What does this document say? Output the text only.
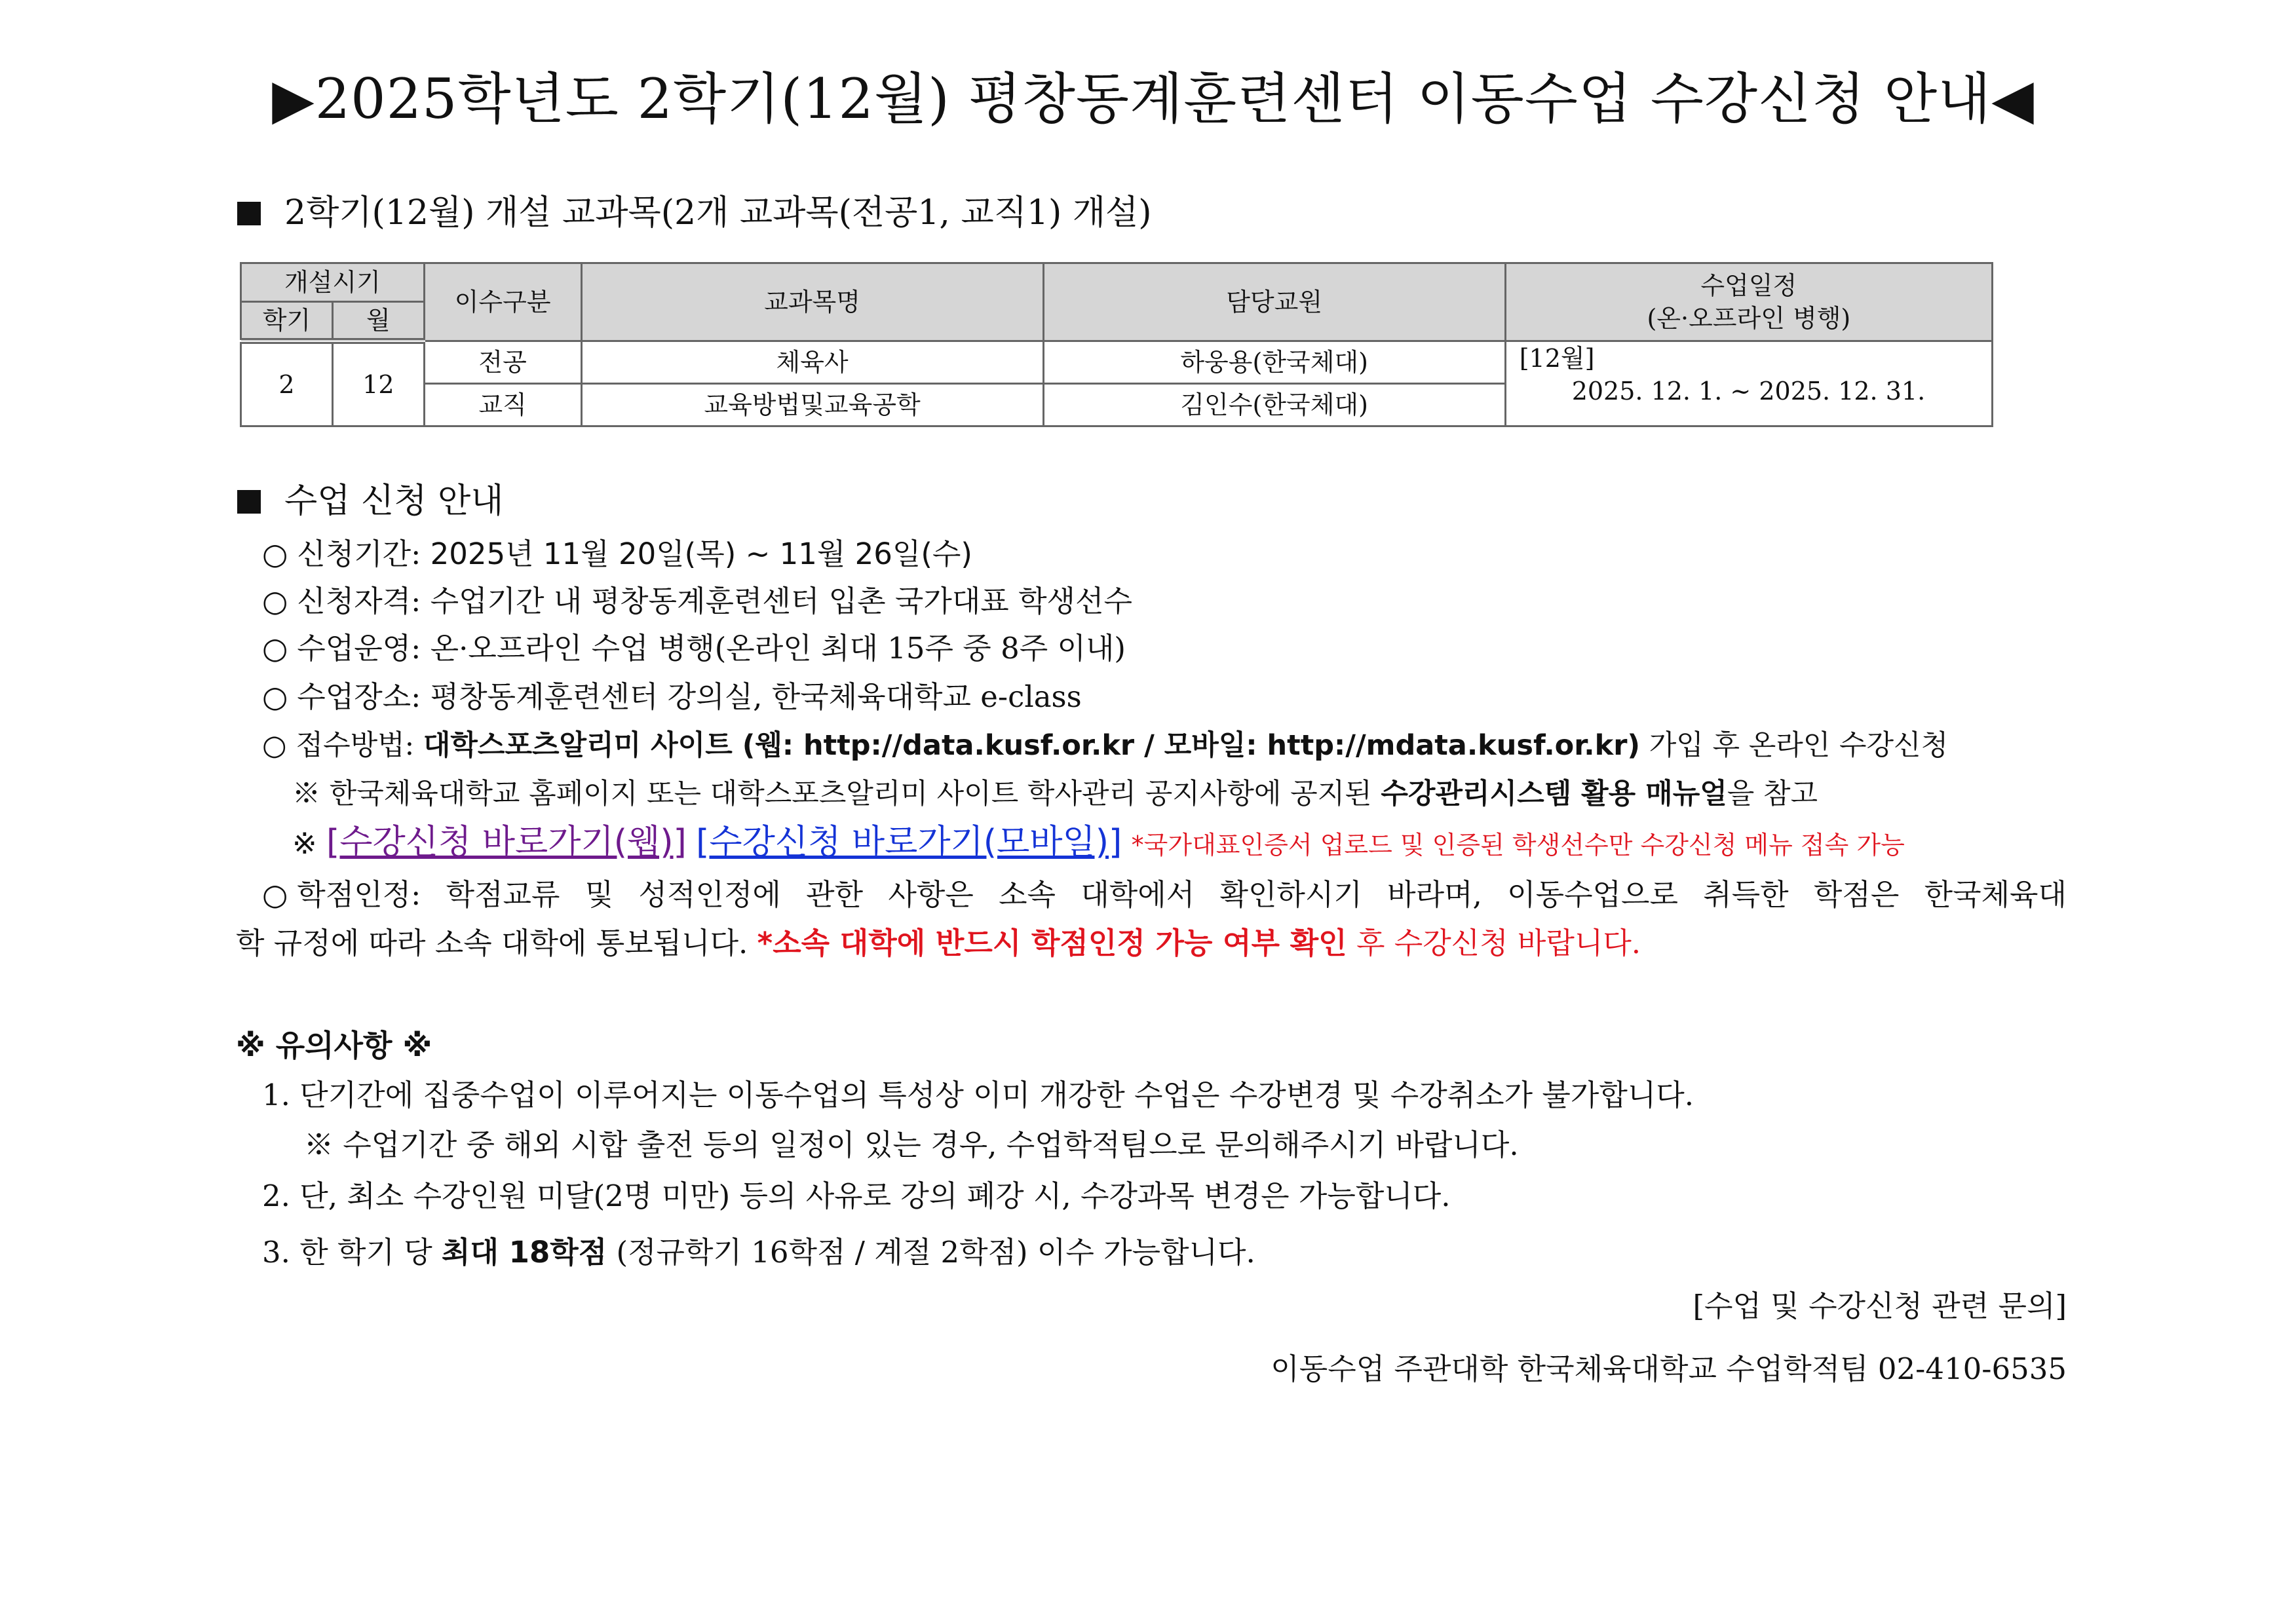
▶2025학년도 2학기(12월) 평창동계훈련센터 이동수업 수강신청 안내◀
2학기(12월) 개설 교과목(2개 교과목(전공1, 교직1) 개설)
개설시기		이수구분	교과목명	담당교원	수업일정
(온·오프라인 병행)

학기	월				
2	12	전공	체육사	하웅용(한국체대)	[12월]
2025. 12. 1. ~ 2025. 12. 31.

		교직	교육방법및교육공학	김인수(한국체대)	
수업 신청 안내
○ 신청기간: 2025년 11월 20일(목) ~ 11월 26일(수)
○ 신청자격: 수업기간 내 평창동계훈련센터 입촌 국가대표 학생선수
○ 수업운영: 온·오프라인 수업 병행(온라인 최대 15주 중 8주 이내)
○ 수업장소: 평창동계훈련센터 강의실, 한국체육대학교 e-class
○ 접수방법: 대학스포츠알리미 사이트 (웹: http://data.kusf.or.kr / 모바일: http://mdata.kusf.or.kr) 가입 후 온라인 수강신청
※ 한국체육대학교 홈페이지 또는 대학스포츠알리미 사이트 학사관리 공지사항에 공지된 수강관리시스템 활용 매뉴얼을 참고
※ [수강신청 바로가기(웹)] [수강신청 바로가기(모바일)] *국가대표인증서 업로드 및 인증된 학생선수만 수강신청 메뉴 접속 가능
○ 학점인정: 학점교류 및 성적인정에 관한 사항은 소속 대학에서 확인하시기 바라며, 이동수업으로 취득한 학점은 한국체육대
학 규정에 따라 소속 대학에 통보됩니다. *소속 대학에 반드시 학점인정 가능 여부 확인 후 수강신청 바랍니다.
※ 유의사항 ※
1. 단기간에 집중수업이 이루어지는 이동수업의 특성상 이미 개강한 수업은 수강변경 및 수강취소가 불가합니다.
※ 수업기간 중 해외 시합 출전 등의 일정이 있는 경우, 수업학적팀으로 문의해주시기 바랍니다.
2. 단, 최소 수강인원 미달(2명 미만) 등의 사유로 강의 폐강 시, 수강과목 변경은 가능합니다.
3. 한 학기 당 최대 18학점 (정규학기 16학점 / 계절 2학점) 이수 가능합니다.
[수업 및 수강신청 관련 문의]
이동수업 주관대학 한국체육대학교 수업학적팀 02-410-6535
